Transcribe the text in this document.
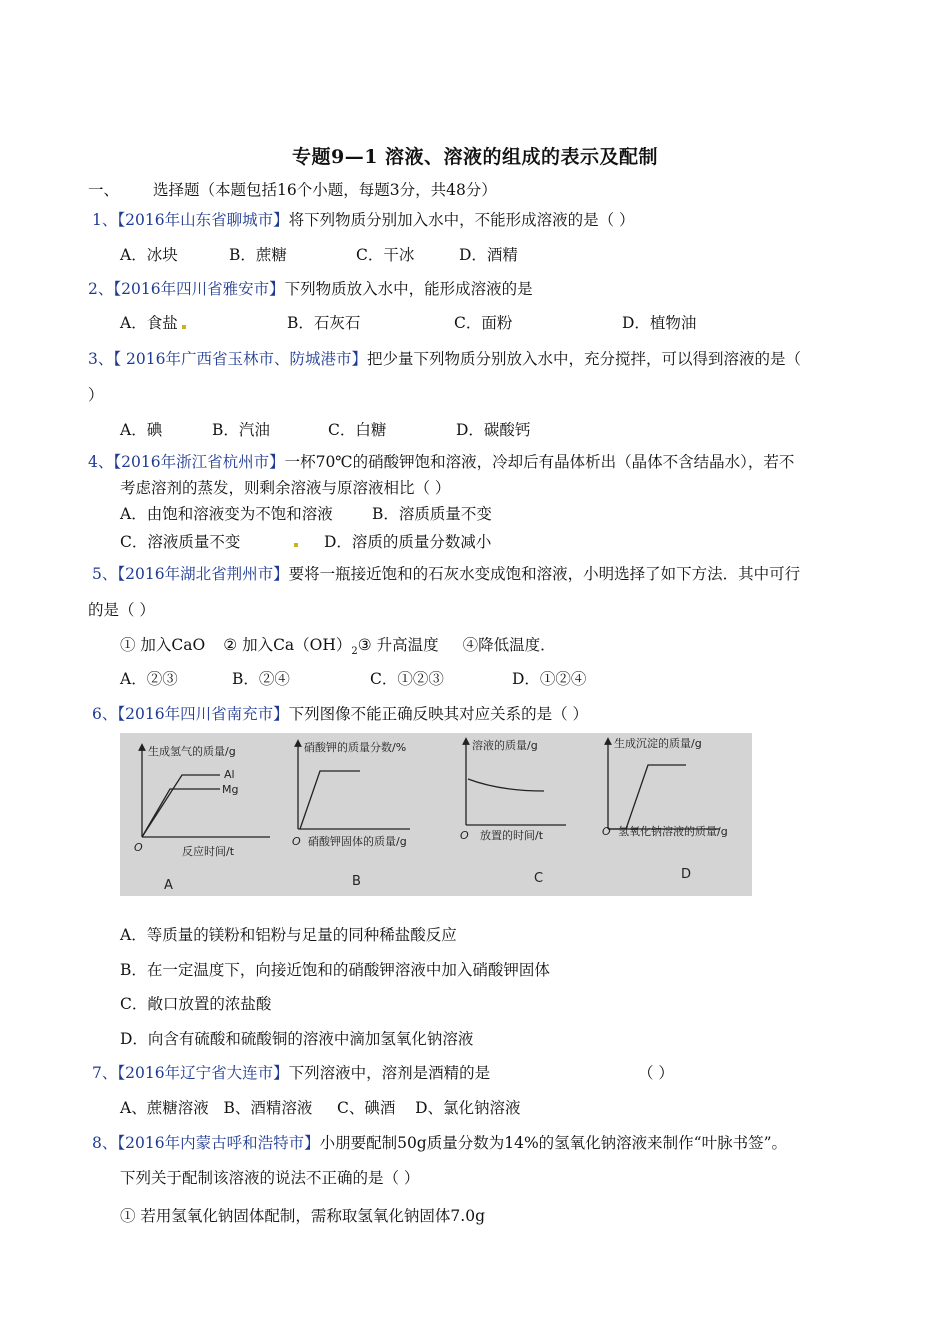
专题9—1 溶液、溶液的组成的表示及配制
一、 选择题（本题包括16个小题，每题3分，共48分）
1、【2016年山东省聊城市】将下列物质分别加入水中，不能形成溶液的是（ ）
A．冰块	B．蔗糖	C．干冰	D．酒精
2、【2016年四川省雅安市】下列物质放入水中，能形成溶液的是
A．食盐	B．石灰石	C．面粉	D．植物油
3、【 2016年广西省玉林市、防城港市】把少量下列物质分别放入水中，充分搅拌，可以得到溶液的是（
）
A．碘	B．汽油	C．白糖	D．碳酸钙
4、【2016年浙江省杭州市】一杯70℃的硝酸钾饱和溶液，冷却后有晶体析出（晶体不含结晶水），若不
考虑溶剂的蒸发，则剩余溶液与原溶液相比（ ）
A．由饱和溶液变为不饱和溶液	B．溶质质量不变
C．溶液质量不变	D．溶质的质量分数减小
5、【2016年湖北省荆州市】要将一瓶接近饱和的石灰水变成饱和溶液，小明选择了如下方法．其中可行
的是（ ）
① 加入CaO ② 加入$Ca(OH)_2③$ 升高温度 ④降低温度．
A．②③	B．②④	C．①②③	D．①②④
6、【2016年四川省南充市】下列图像不能正确反映其对应关系的是（ ）
生成氢气的质量/g
Al
Mg
O	反应时间/t
A
硝酸钾的质量分数/%
O 硝酸钾固体的质量/g
B
溶液的质量/g
O 放置的时间/t
C
生成沉淀的质量/g
O 氢氧化钠溶液的质量/g
D
A．等质量的镁粉和铝粉与足量的同种稀盐酸反应
B．在一定温度下，向接近饱和的硝酸钾溶液中加入硝酸钾固体
C．敞口放置的浓盐酸
D．向含有硫酸和硫酸铜的溶液中滴加氢氧化钠溶液
7、【2016年辽宁省大连市】下列溶液中，溶剂是酒精的是	（ ）
A、蔗糖溶液   B、酒精溶液     C、碘酒    D、氯化钠溶液
8、【2016年内蒙古呼和浩特市】小朋要配制50g质量分数为14%的氢氧化钠溶液来制作“叶脉书签”。
下列关于配制该溶液的说法不正确的是（ ）
① 若用氢氧化钠固体配制，需称取氢氧化钠固体7.0g
